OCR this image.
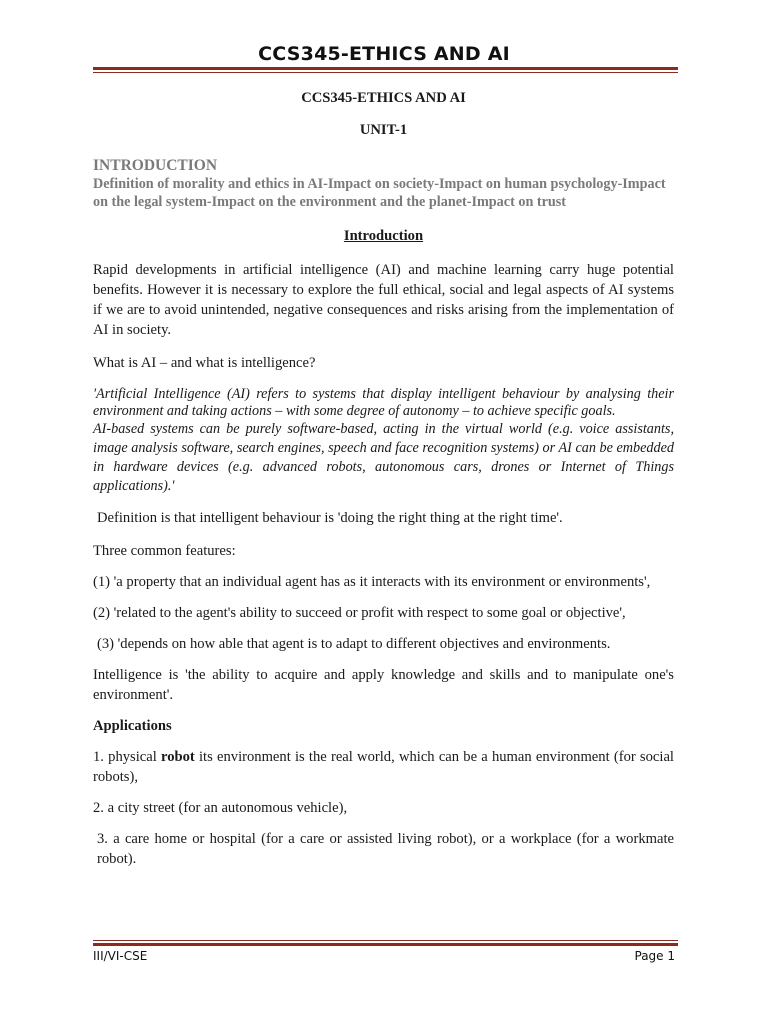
CCS345-ETHICS AND AI
CCS345-ETHICS AND AI
UNIT-1
INTRODUCTION
Definition of morality and ethics in AI-Impact on society-Impact on human psychology-Impact on the legal system-Impact on the environment and the planet-Impact on trust
Introduction

Rapid developments in artificial intelligence (AI) and machine learning carry huge potential benefits. However it is necessary to explore the full ethical, social and legal aspects of AI systems if we are to avoid unintended, negative consequences and risks arising from the implementation of AI in society.

What is AI – and what is intelligence?

'Artificial Intelligence (AI) refers to systems that display intelligent behaviour by analysing their environment and taking actions – with some degree of autonomy – to achieve specific goals.
AI-based systems can be purely software-based, acting in the virtual world (e.g. voice assistants, image analysis software, search engines, speech and face recognition systems) or AI can be embedded in hardware devices (e.g. advanced robots, autonomous cars, drones or Internet of Things applications).'

Definition is that intelligent behaviour is 'doing the right thing at the right time'.

Three common features:

(1) 'a property that an individual agent has as it interacts with its environment or environments',

(2) 'related to the agent's ability to succeed or profit with respect to some goal or objective',

(3) 'depends on how able that agent is to adapt to different objectives and environments.

Intelligence is 'the ability to acquire and apply knowledge and skills and to manipulate one's environment'.

Applications

1. physical robot its environment is the real world, which can be a human environment (for social robots),

2. a city street (for an autonomous vehicle),

3. a care home or hospital (for a care or assisted living robot), or a workplace (for a workmate robot).

III/VI-CSE	Page 1
